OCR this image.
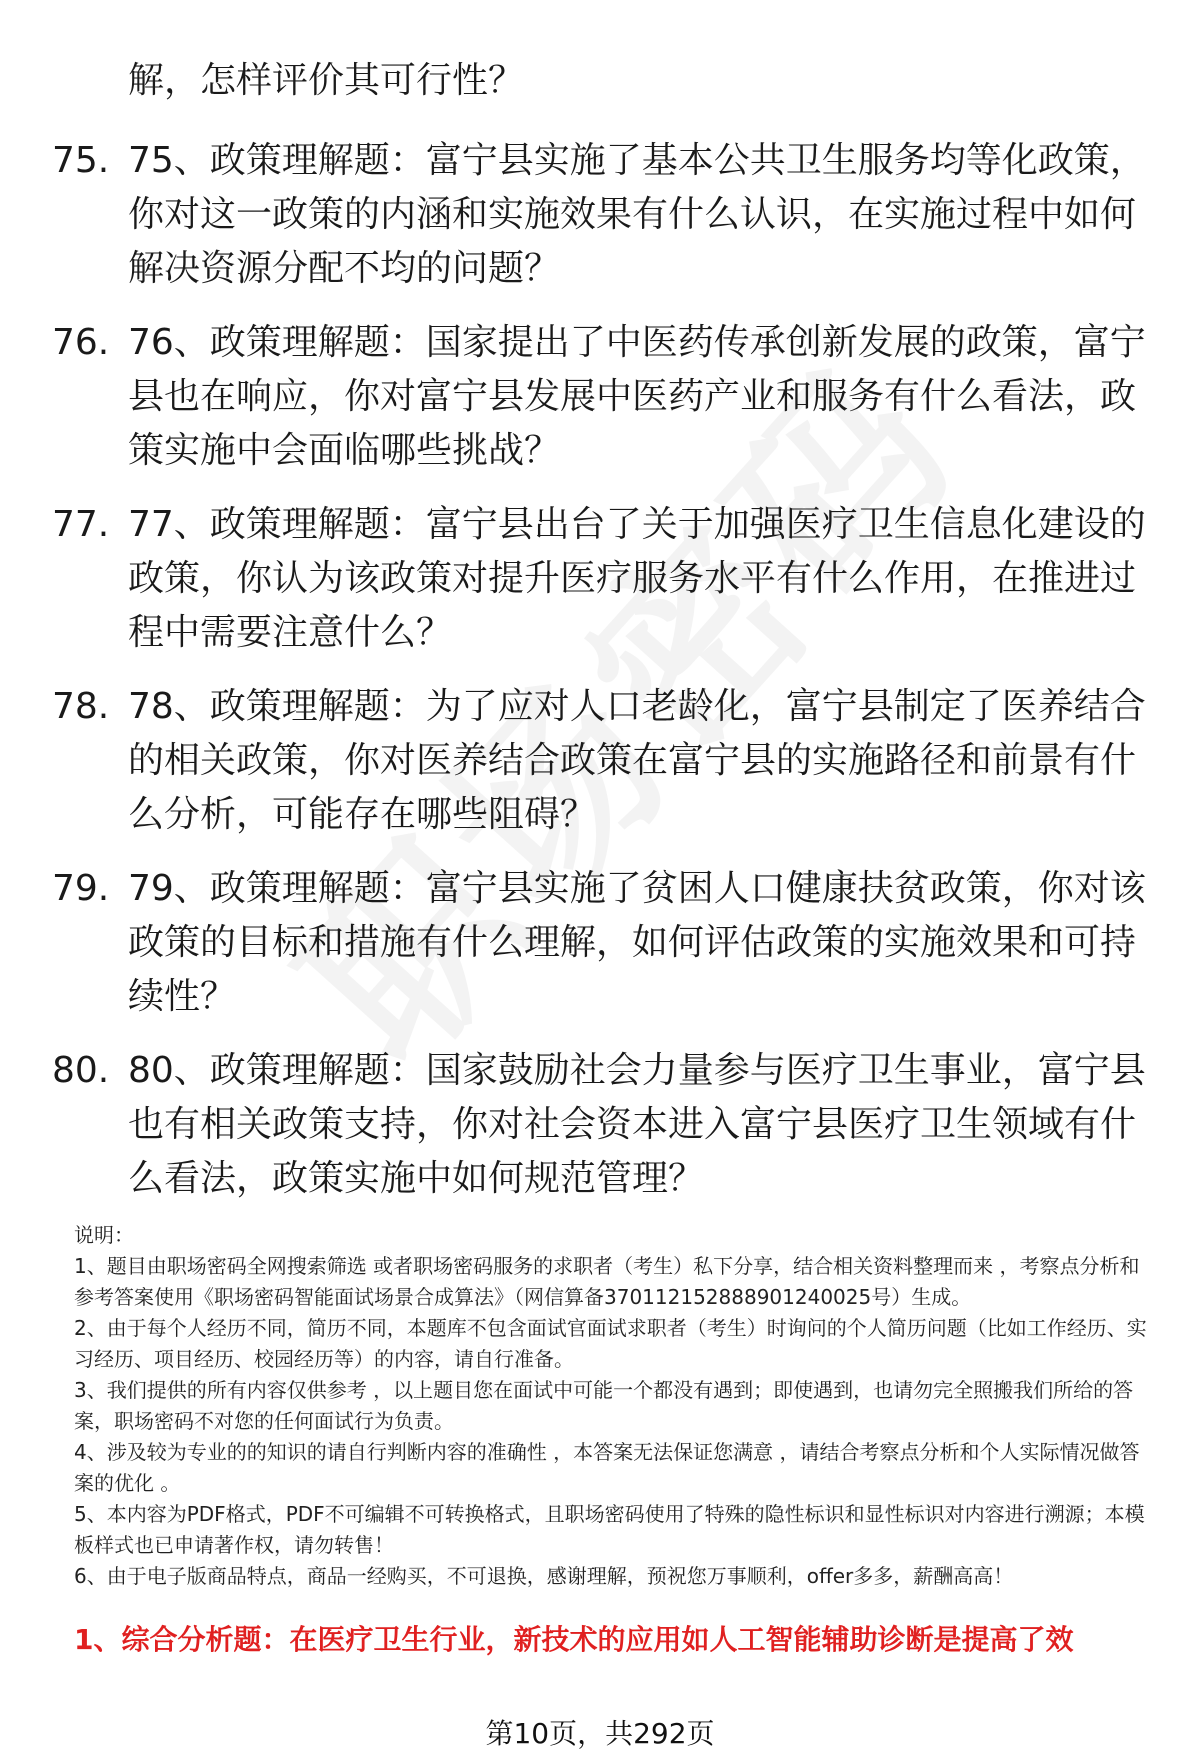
解，怎样评价其可行性？

75. 75、政策理解题：富宁县实施了基本公共卫生服务均等化政策，你对这一政策的内涵和实施效果有什么认识，在实施过程中如何解决资源分配不均的问题？

76. 76、政策理解题：国家提出了中医药传承创新发展的政策，富宁县也在响应，你对富宁县发展中医药产业和服务有什么看法，政策实施中会面临哪些挑战？

77. 77、政策理解题：富宁县出台了关于加强医疗卫生信息化建设的政策，你认为该政策对提升医疗服务水平有什么作用，在推进过程中需要注意什么？

78. 78、政策理解题：为了应对人口老龄化，富宁县制定了医养结合的相关政策，你对医养结合政策在富宁县的实施路径和前景有什么分析，可能存在哪些阻碍？

79. 79、政策理解题：富宁县实施了贫困人口健康扶贫政策，你对该政策的目标和措施有什么理解，如何评估政策的实施效果和可持续性？

80. 80、政策理解题：国家鼓励社会力量参与医疗卫生事业，富宁县也有相关政策支持，你对社会资本进入富宁县医疗卫生领域有什么看法，政策实施中如何规范管理？

说明：

1、题目由职场密码全网搜索筛选 或者职场密码服务的求职者（考生）私下分享，结合相关资料整理而来 ，考察点分析和参考答案使用《职场密码智能面试场景合成算法》（网信算备370112152888901240025号）生成。

2、由于每个人经历不同，简历不同，本题库不包含面试官面试求职者（考生）时询问的个人简历问题（比如工作经历、实习经历、项目经历、校园经历等）的内容，请自行准备。

3、我们提供的所有内容仅供参考 ，以上题目您在面试中可能一个都没有遇到；即使遇到，也请勿完全照搬我们所给的答案，职场密码不对您的任何面试行为负责。

4、涉及较为专业的的知识的请自行判断内容的准确性 ，本答案无法保证您满意 ，请结合考察点分析和个人实际情况做答案的优化 。

5、本内容为PDF格式，PDF不可编辑不可转换格式，且职场密码使用了特殊的隐性标识和显性标识对内容进行溯源；本模板样式也已申请著作权，请勿转售！

6、由于电子版商品特点，商品一经购买，不可退换，感谢理解，预祝您万事顺利，offer多多，薪酬高高！

1、综合分析题：在医疗卫生行业，新技术的应用如人工智能辅助诊断是提高了效
第10页，共292页
